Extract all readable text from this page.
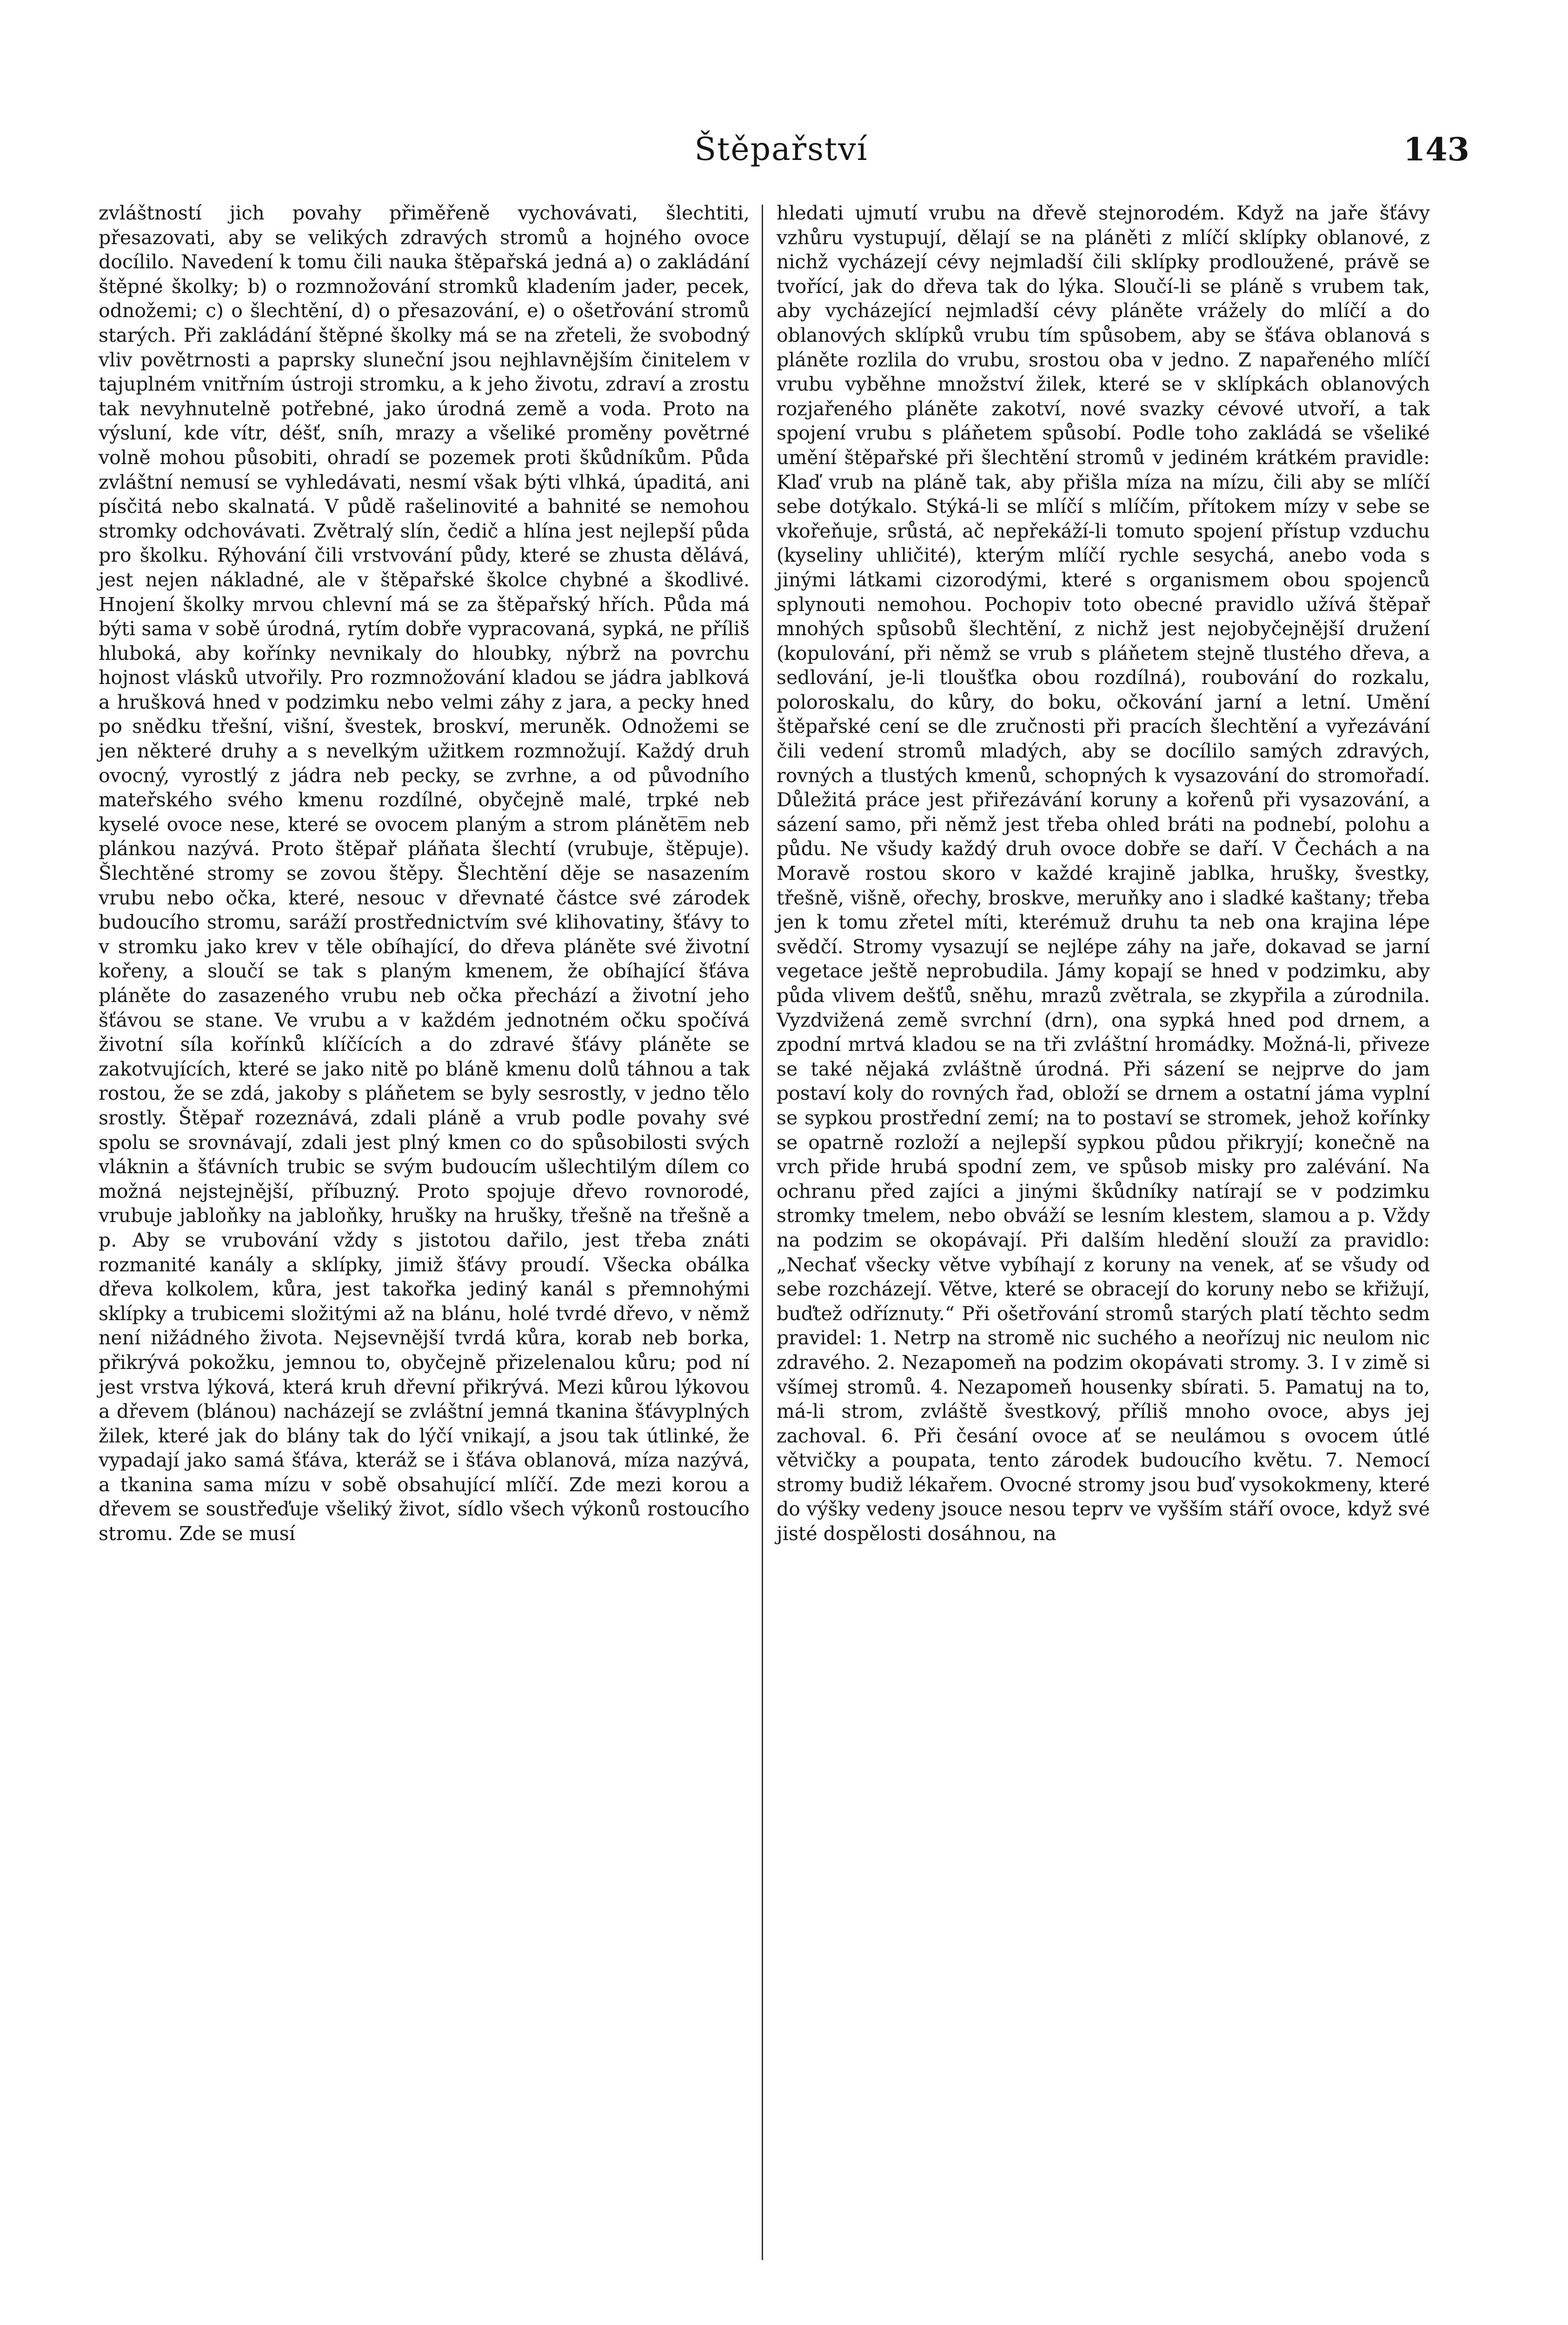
Štěpařství	143

zvláštností jich povahy přiměřeně vychovávati, šlechtiti, přesazovati, aby se velikých zdravých stromů a hojného ovoce docílilo. Navedení k tomu čili nauka štěpařská jedná a) o zakládání štěpné školky; b) o rozmnožování stromků kladením jader, pecek, odnožemi; c) o šlechtění, d) o přesazování, e) o ošetřování stromů starých. Při zakládání štěpné školky má se na zřeteli, že svobodný vliv povětrnosti a paprsky sluneční jsou nejhlavnějším činitelem v tajuplném vnitřním ústroji stromku, a k jeho životu, zdraví a zrostu tak nevyhnutelně potřebné, jako úrodná země a voda. Proto na výsluní, kde vítr, déšť, sníh, mrazy a všeliké proměny povětrné volně mohou působiti, ohradí se pozemek proti škůdníkům. Půda zvláštní nemusí se vyhledávati, nesmí však býti vlhká, úpaditá, ani písčitá nebo skalnatá. V půdě rašelinovité a bahnité se nemohou stromky odchovávati. Zvětralý slín, čedič a hlína jest nejlepší půda pro školku. Rýhování čili vrstvování půdy, které se zhusta dělává, jest nejen nákladné, ale v štěpařské školce chybné a škodlivé. Hnojení školky mrvou chlevní má se za štěpařský hřích. Půda má býti sama v sobě úrodná, rytím dobře vypracovaná, sypká, ne příliš hluboká, aby kořínky nevnikaly do hloubky, nýbrž na povrchu hojnost vlásků utvořily. Pro rozmnožování kladou se jádra jablková a hrušková hned v podzimku nebo velmi záhy z jara, a pecky hned po snědku třešní, višní, švestek, broskví, meruněk. Odnožemi se jen některé druhy a s nevelkým užitkem rozmnožují. Každý druh ovocný, vyrostlý z jádra neb pecky, se zvrhne, a od původního mateřského svého kmenu rozdílné, obyčejně malé, trpké neb kyselé ovoce nese, které se ovocem planým a strom pláněte̅m neb plánkou nazývá. Proto štěpař pláňata šlechtí (vrubuje, štěpuje). Šlechtěné stromy se zovou štěpy. Šlechtění děje se nasazením vrubu nebo očka, které, nesouc v dřevnaté částce své zárodek budoucího stromu, saráží prostřednictvím své klihovatiny, šťávy to v stromku jako krev v těle obíhající, do dřeva pláněte své životní kořeny, a sloučí se tak s planým kmenem, že obíhající šťáva pláněte do zasazeného vrubu neb očka přechází a životní jeho šťávou se stane. Ve vrubu a v každém jednotném očku spočívá životní síla kořínků klíčících a do zdravé šťávy pláněte se zakotvujících, které se jako nitě po bláně kmenu dolů táhnou a tak rostou, že se zdá, jakoby s pláňetem se byly sesrostly, v jedno tělo srostly. Štěpař rozeznává, zdali pláně a vrub podle povahy své spolu se srovnávají, zdali jest plný kmen co do spůsobilosti svých vláknin a šťávních trubic se svým budoucím ušlechtilým dílem co možná nejstejnější, příbuzný. Proto spojuje dřevo rovnorodé, vrubuje jabloňky na jabloňky, hrušky na hrušky, třešně na třešně a p. Aby se vrubování vždy s jistotou dařilo, jest třeba znáti rozmanité kanály a sklípky, jimiž šťávy proudí. Všecka obálka dřeva kolkolem, kůra, jest takořka jediný kanál s přemnohými sklípky a trubicemi složitými až na blánu, holé tvrdé dřevo, v němž není nižádného života. Nejsevnější tvrdá kůra, korab neb borka, přikrývá pokožku, jemnou to, obyčejně přizelenalou kůru; pod ní jest vrstva lýková, která kruh dřevní přikrývá. Mezi kůrou lýkovou a dřevem (blánou) nacházejí se zvláštní jemná tkanina šťávyplných žilek, které jak do blány tak do lýčí vnikají, a jsou tak útlinké, že vypadají jako samá šťáva, kteráž se i šťáva oblanová, míza nazývá, a tkanina sama mízu v sobě obsahující mlíčí. Zde mezi korou a dřevem se soustřeďuje všeliký život, sídlo všech výkonů rostoucího stromu. Zde se musí

hledati ujmutí vrubu na dřevě stejnorodém. Když na jaře šťávy vzhůru vystupují, dělají se na pláněti z mlíčí sklípky oblanové, z nichž vycházejí cévy nejmladší čili sklípky prodloužené, právě se tvořící, jak do dřeva tak do lýka. Sloučí-li se pláně s vrubem tak, aby vycházející nejmladší cévy pláněte vrážely do mlíčí a do oblanových sklípků vrubu tím spůsobem, aby se šťáva oblanová s pláněte rozlila do vrubu, srostou oba v jedno. Z napařeného mlíčí vrubu vyběhne množství žilek, které se v sklípkách oblanových rozjařeného pláněte zakotví, nové svazky cévové utvoří, a tak spojení vrubu s pláňetem spůsobí. Podle toho zakládá se všeliké umění štěpařské při šlechtění stromů v jediném krátkém pravidle: Klaď vrub na pláně tak, aby přišla míza na mízu, čili aby se mlíčí sebe dotýkalo. Stýká-li se mlíčí s mlíčím, přítokem mízy v sebe se vkořeňuje, srůstá, ač nepřekáží-li tomuto spojení přístup vzduchu (kyseliny uhličité), kterým mlíčí rychle sesychá, anebo voda s jinými látkami cizorodými, které s organismem obou spojenců splynouti nemohou. Pochopiv toto obecné pravidlo užívá štěpař mnohých spůsobů šlechtění, z nichž jest nejobyčejnější družení (kopulování, při němž se vrub s pláňetem stejně tlustého dřeva, a sedlování, je-li tloušťka obou rozdílná), roubování do rozkalu, poloroskalu, do kůry, do boku, očkování jarní a letní. Umění štěpařské cení se dle zručnosti při pracích šlechtění a vyřezávání čili vedení stromů mladých, aby se docílilo samých zdravých, rovných a tlustých kmenů, schopných k vysazování do stromořadí. Důležitá práce jest přiřezávání koruny a kořenů při vysazování, a sázení samo, při němž jest třeba ohled bráti na podnebí, polohu a půdu. Ne všudy každý druh ovoce dobře se daří. V Čechách a na Moravě rostou skoro v každé krajině jablka, hrušky, švestky, třešně, višně, ořechy, broskve, meruňky ano i sladké kaštany; třeba jen k tomu zřetel míti, kterémuž druhu ta neb ona krajina lépe svědčí. Stromy vysazují se nejlépe záhy na jaře, dokavad se jarní vegetace ještě neprobudila. Jámy kopají se hned v podzimku, aby půda vlivem dešťů, sněhu, mrazů zvětrala, se zkypřila a zúrodnila. Vyzdvižená země svrchní (drn), ona sypká hned pod drnem, a zpodní mrtvá kladou se na tři zvláštní hromádky. Možná-li, přiveze se také nějaká zvláštně úrodná. Při sázení se nejprve do jam postaví koly do rovných řad, obloží se drnem a ostatní jáma vyplní se sypkou prostřední zemí; na to postaví se stromek, jehož kořínky se opatrně rozloží a nejlepší sypkou půdou přikryjí; konečně na vrch přide hrubá spodní zem, ve spůsob misky pro zalévání. Na ochranu před zajíci a jinými škůdníky natírají se v podzimku stromky tmelem, nebo obváží se lesním klestem, slamou a p. Vždy na podzim se okopávají. Při dalším hledění slouží za pravidlo: „Nechať všecky větve vybíhají z koruny na venek, ať se všudy od sebe rozcházejí. Větve, které se obracejí do koruny nebo se křižují, buďtež odříznuty.“ Při ošetřování stromů starých platí těchto sedm pravidel: 1. Netrp na stromě nic suchého a neořízuj nic neulom nic zdravého. 2. Nezapomeň na podzim okopávati stromy. 3. I v zimě si všímej stromů. 4. Nezapomeň housenky sbírati. 5. Pamatuj na to, má-li strom, zvláště švestkový, příliš mnoho ovoce, abys jej zachoval. 6. Při česání ovoce ať se neulámou s ovocem útlé větvičky a poupata, tento zárodek budoucího květu. 7. Nemocí stromy budiž lékařem. Ovocné stromy jsou buď vysokokmeny, které do výšky vedeny jsouce nesou teprv ve vyšším stáří ovoce, když své jisté dospělosti dosáhnou, na
